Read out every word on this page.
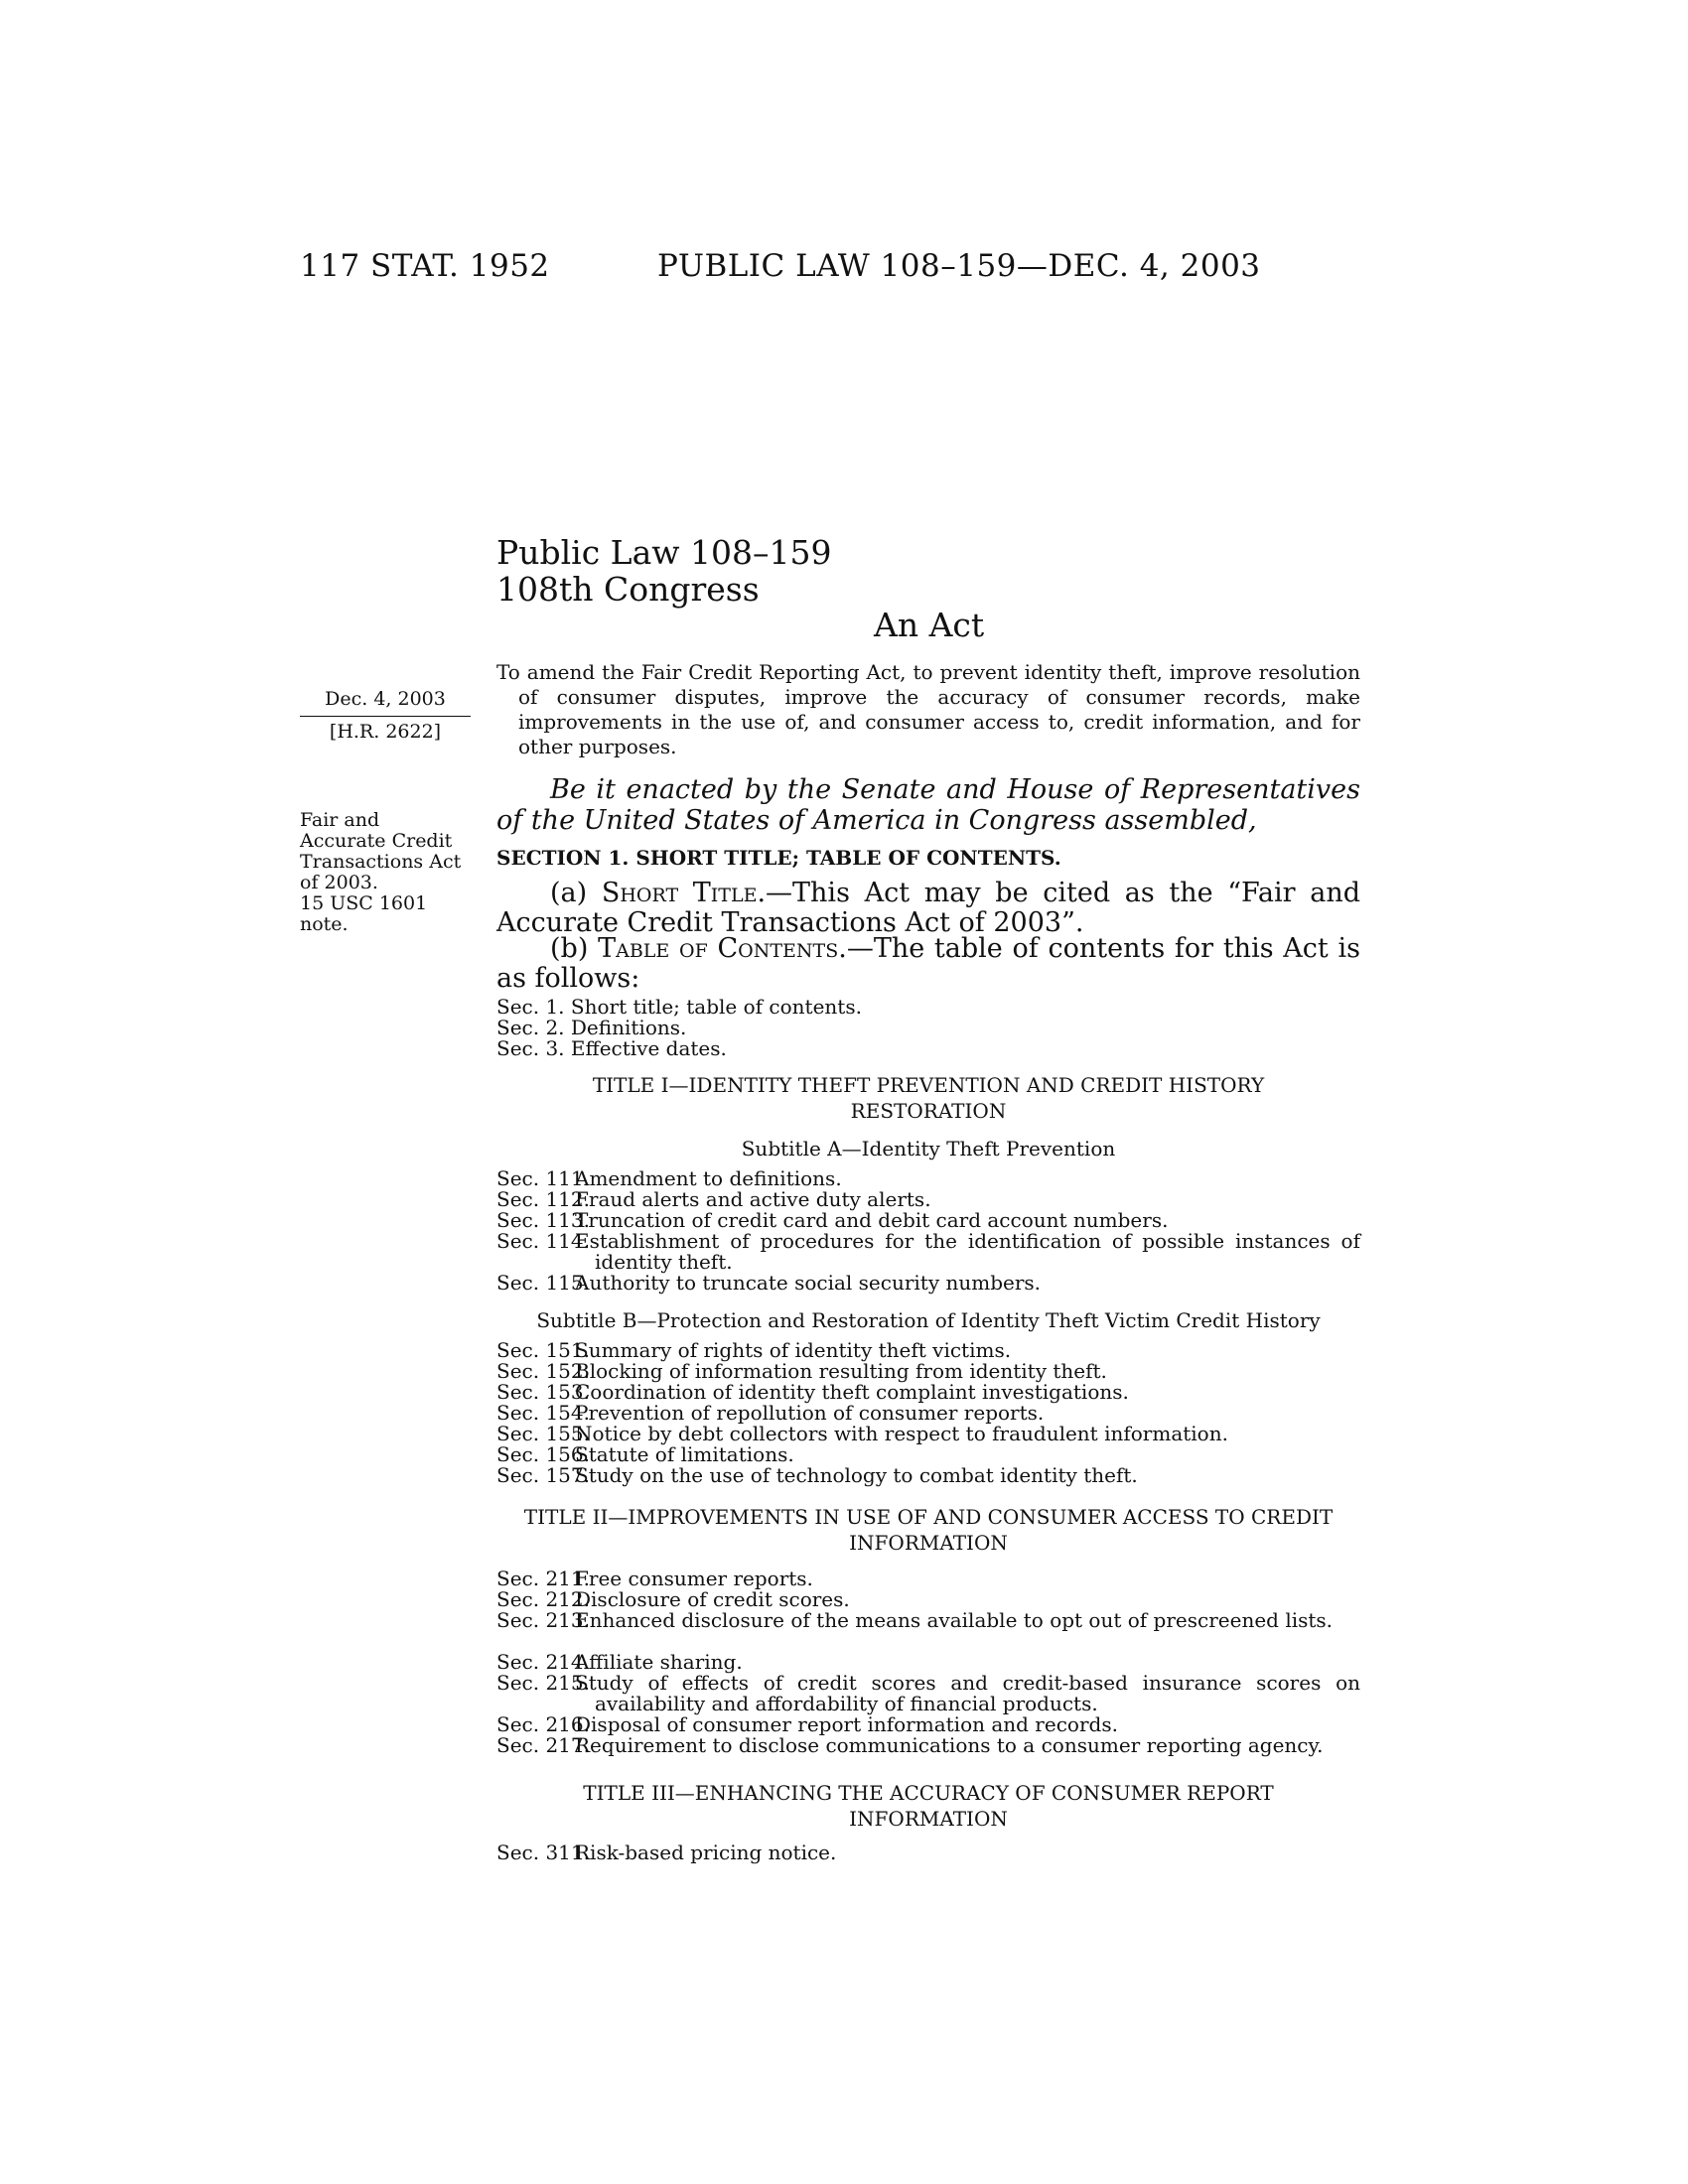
117 STAT. 1952	PUBLIC LAW 108–159—DEC. 4, 2003
Public Law 108–159
108th Congress
An Act
To amend the Fair Credit Reporting Act, to prevent identity theft, improve resolution of consumer disputes, improve the accuracy of consumer records, make improvements in the use of, and consumer access to, credit information, and for other purposes.
Dec. 4, 2003
[H.R. 2622]
Fair and
Accurate Credit
Transactions Act
of 2003.
15 USC 1601
note.
Be it enacted by the Senate and House of Representatives of the United States of America in Congress assembled,
SECTION 1. SHORT TITLE; TABLE OF CONTENTS.
(a) Short Title.—This Act may be cited as the “Fair and Accurate Credit Transactions Act of 2003”.
(b) Table of Contents.—The table of contents for this Act is as follows:
Sec. 1. Short title; table of contents.
Sec. 2. Definitions.
Sec. 3. Effective dates.
TITLE I—IDENTITY THEFT PREVENTION AND CREDIT HISTORY
RESTORATION
Subtitle A—Identity Theft Prevention
Sec. 111.
Amendment to definitions.
Sec. 112.
Fraud alerts and active duty alerts.
Sec. 113.
Truncation of credit card and debit card account numbers.
Sec. 114.
Establishment of procedures for the identification of possible instances of identity theft.
Sec. 115.
Authority to truncate social security numbers.
Subtitle B—Protection and Restoration of Identity Theft Victim Credit History
Sec. 151.
Summary of rights of identity theft victims.
Sec. 152.
Blocking of information resulting from identity theft.
Sec. 153.
Coordination of identity theft complaint investigations.
Sec. 154.
Prevention of repollution of consumer reports.
Sec. 155.
Notice by debt collectors with respect to fraudulent information.
Sec. 156.
Statute of limitations.
Sec. 157.
Study on the use of technology to combat identity theft.
TITLE II—IMPROVEMENTS IN USE OF AND CONSUMER ACCESS TO CREDIT
INFORMATION
Sec. 211.
Free consumer reports.
Sec. 212.
Disclosure of credit scores.
Sec. 213.
Enhanced disclosure of the means available to opt out of prescreened lists.
Sec. 214.
Affiliate sharing.
Sec. 215.
Study of effects of credit scores and credit-based insurance scores on availability and affordability of financial products.
Sec. 216.
Disposal of consumer report information and records.
Sec. 217.
Requirement to disclose communications to a consumer reporting agency.
TITLE III—ENHANCING THE ACCURACY OF CONSUMER REPORT
INFORMATION
Sec. 311.
Risk-based pricing notice.
